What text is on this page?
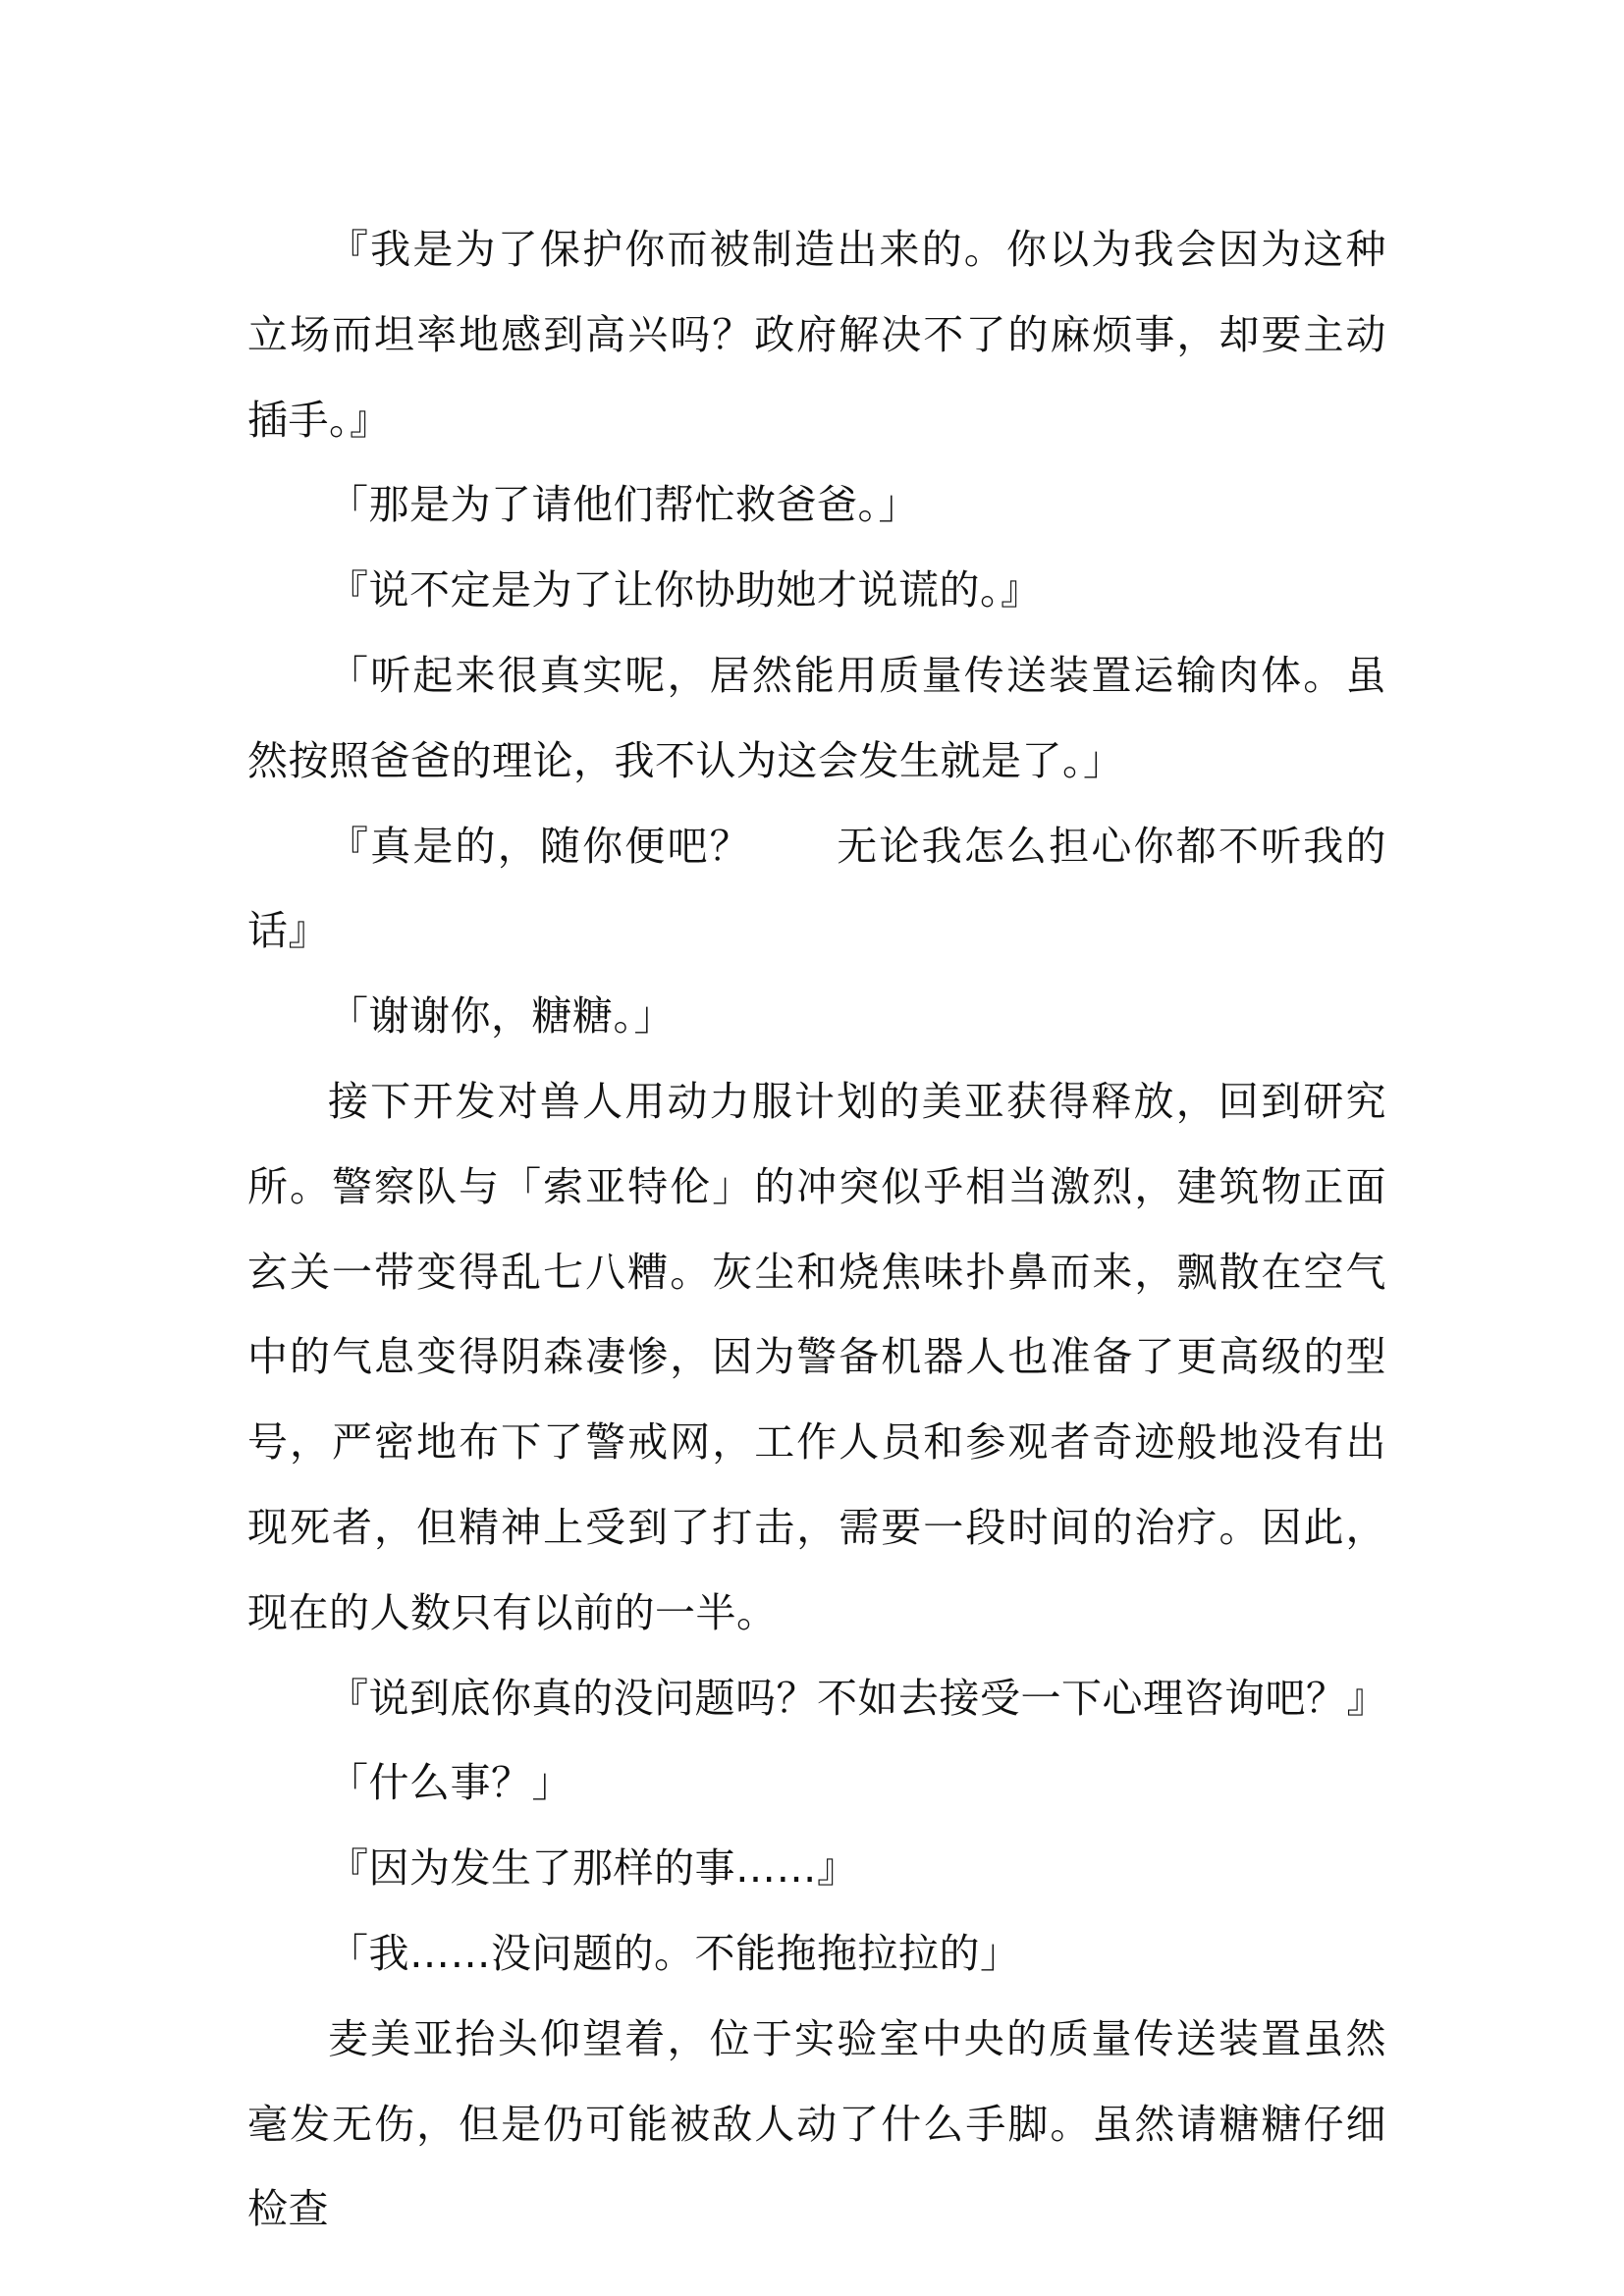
『我是为了保护你而被制造出来的。你以为我会因为这种立场而坦率地感到高兴吗？政府解决不了的麻烦事，却要主动插手。』

「那是为了请他们帮忙救爸爸。」

『说不定是为了让你协助她才说谎的。』

「听起来很真实呢，居然能用质量传送装置运输肉体。虽然按照爸爸的理论，我不认为这会发生就是了。」

『真是的，随你便吧？　　无论我怎么担心你都不听我的话』

「谢谢你，糖糖。」

接下开发对兽人用动力服计划的美亚获得释放，回到研究所。警察队与「索亚特伦」的冲突似乎相当激烈，建筑物正面玄关一带变得乱七八糟。灰尘和烧焦味扑鼻而来，飘散在空气中的气息变得阴森凄惨，因为警备机器人也准备了更高级的型号，严密地布下了警戒网，工作人员和参观者奇迹般地没有出现死者，但精神上受到了打击，需要一段时间的治疗。因此，现在的人数只有以前的一半。

『说到底你真的没问题吗？不如去接受一下心理咨询吧？』

「什么事？」

『因为发生了那样的事……』

「我……没问题的。不能拖拖拉拉的」

麦美亚抬头仰望着，位于实验室中央的质量传送装置虽然毫发无伤，但是仍可能被敌人动了什么手脚。虽然请糖糖仔细检查
